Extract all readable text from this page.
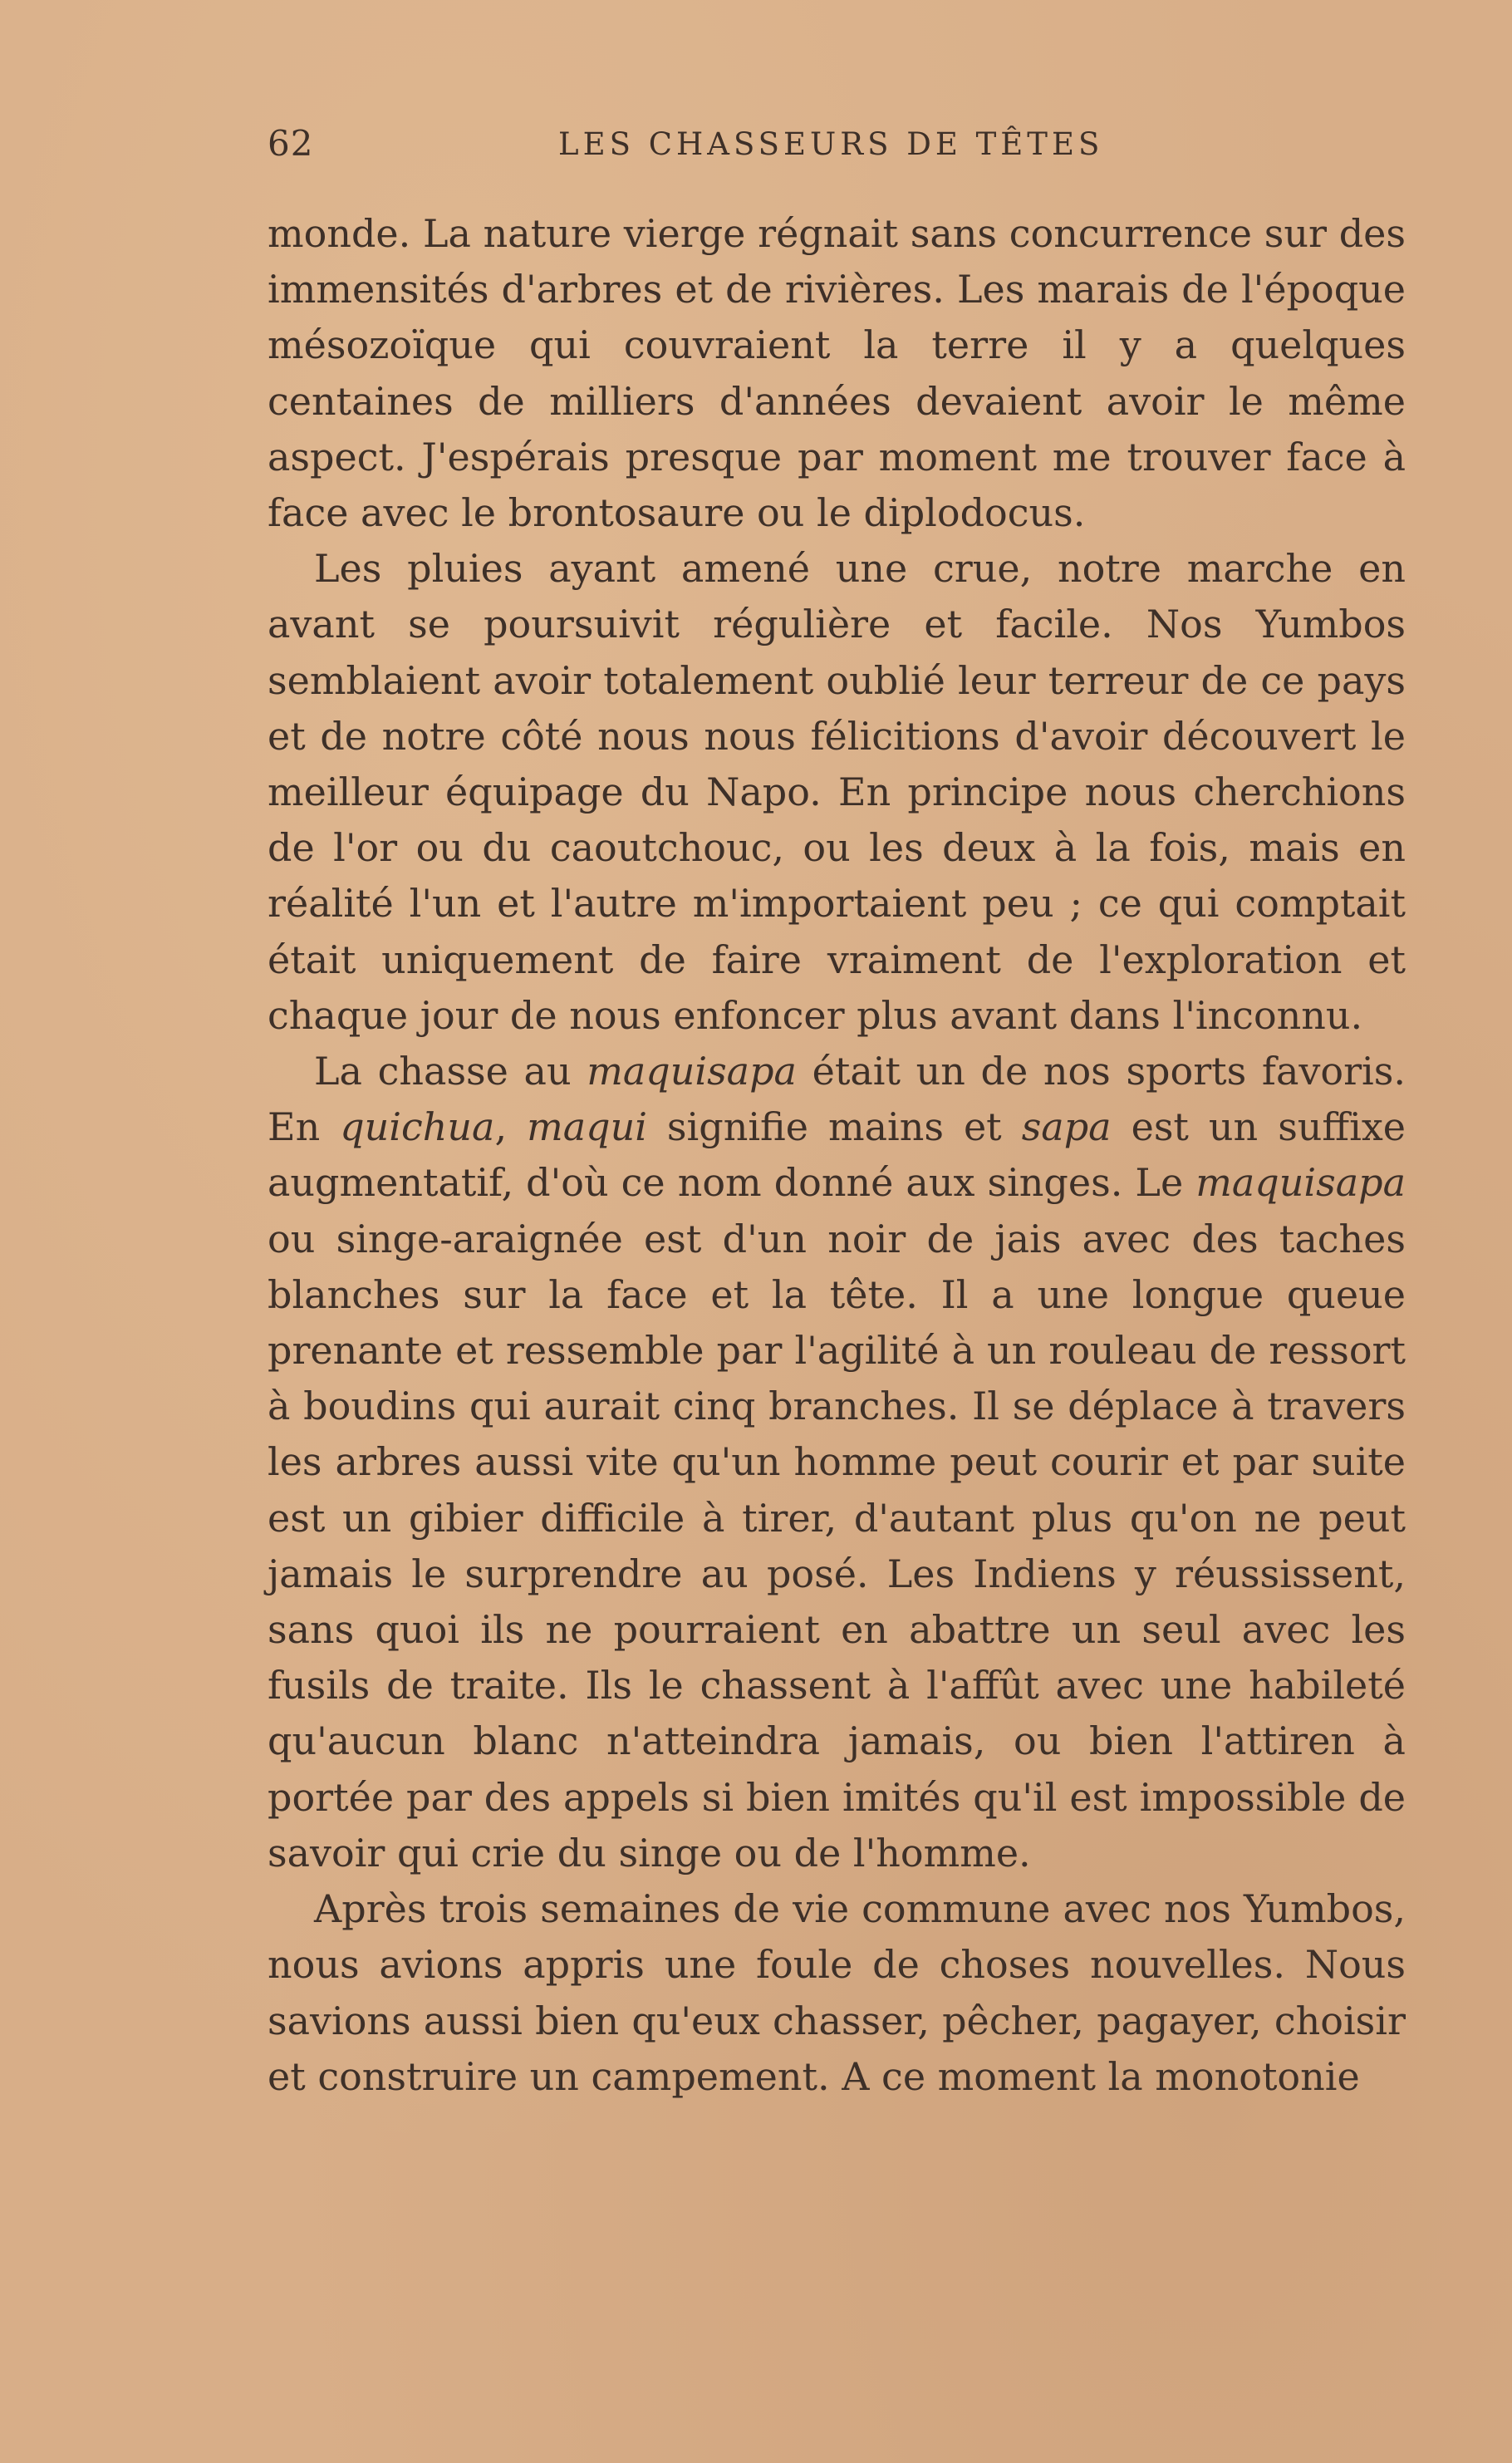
62	LES CHASSEURS DE TÊTES

monde. La nature vierge régnait sans concurrence sur des immensités d'arbres et de rivières. Les marais de l'époque mésozoïque qui couvraient la terre il y a quelques centaines de milliers d'années devaient avoir le même aspect. J'espérais presque par moment me trouver face à face avec le brontosaure ou le diplodocus.

Les pluies ayant amené une crue, notre marche en avant se poursuivit régulière et facile. Nos Yumbos semblaient avoir totalement oublié leur terreur de ce pays et de notre côté nous nous félicitions d'avoir découvert le meilleur équipage du Napo. En principe nous cherchions de l'or ou du caoutchouc, ou les deux à la fois, mais en réalité l'un et l'autre m'importaient peu ; ce qui comptait était uniquement de faire vraiment de l'exploration et chaque jour de nous enfoncer plus avant dans l'inconnu.

La chasse au maquisapa était un de nos sports favoris. En quichua, maqui signifie mains et sapa est un suffixe augmentatif, d'où ce nom donné aux singes. Le maquisapa ou singe-araignée est d'un noir de jais avec des taches blanches sur la face et la tête. Il a une longue queue prenante et ressemble par l'agilité à un rouleau de ressort à boudins qui aurait cinq branches. Il se déplace à travers les arbres aussi vite qu'un homme peut courir et par suite est un gibier difficile à tirer, d'autant plus qu'on ne peut jamais le surprendre au posé. Les Indiens y réussissent, sans quoi ils ne pourraient en abattre un seul avec les fusils de traite. Ils le chassent à l'affût avec une habileté qu'aucun blanc n'atteindra jamais, ou bien l'attiren à portée par des appels si bien imités qu'il est impossible de savoir qui crie du singe ou de l'homme.

Après trois semaines de vie commune avec nos Yumbos, nous avions appris une foule de choses nouvelles. Nous savions aussi bien qu'eux chasser, pêcher, pagayer, choisir et construire un campement. A ce moment la monotonie
